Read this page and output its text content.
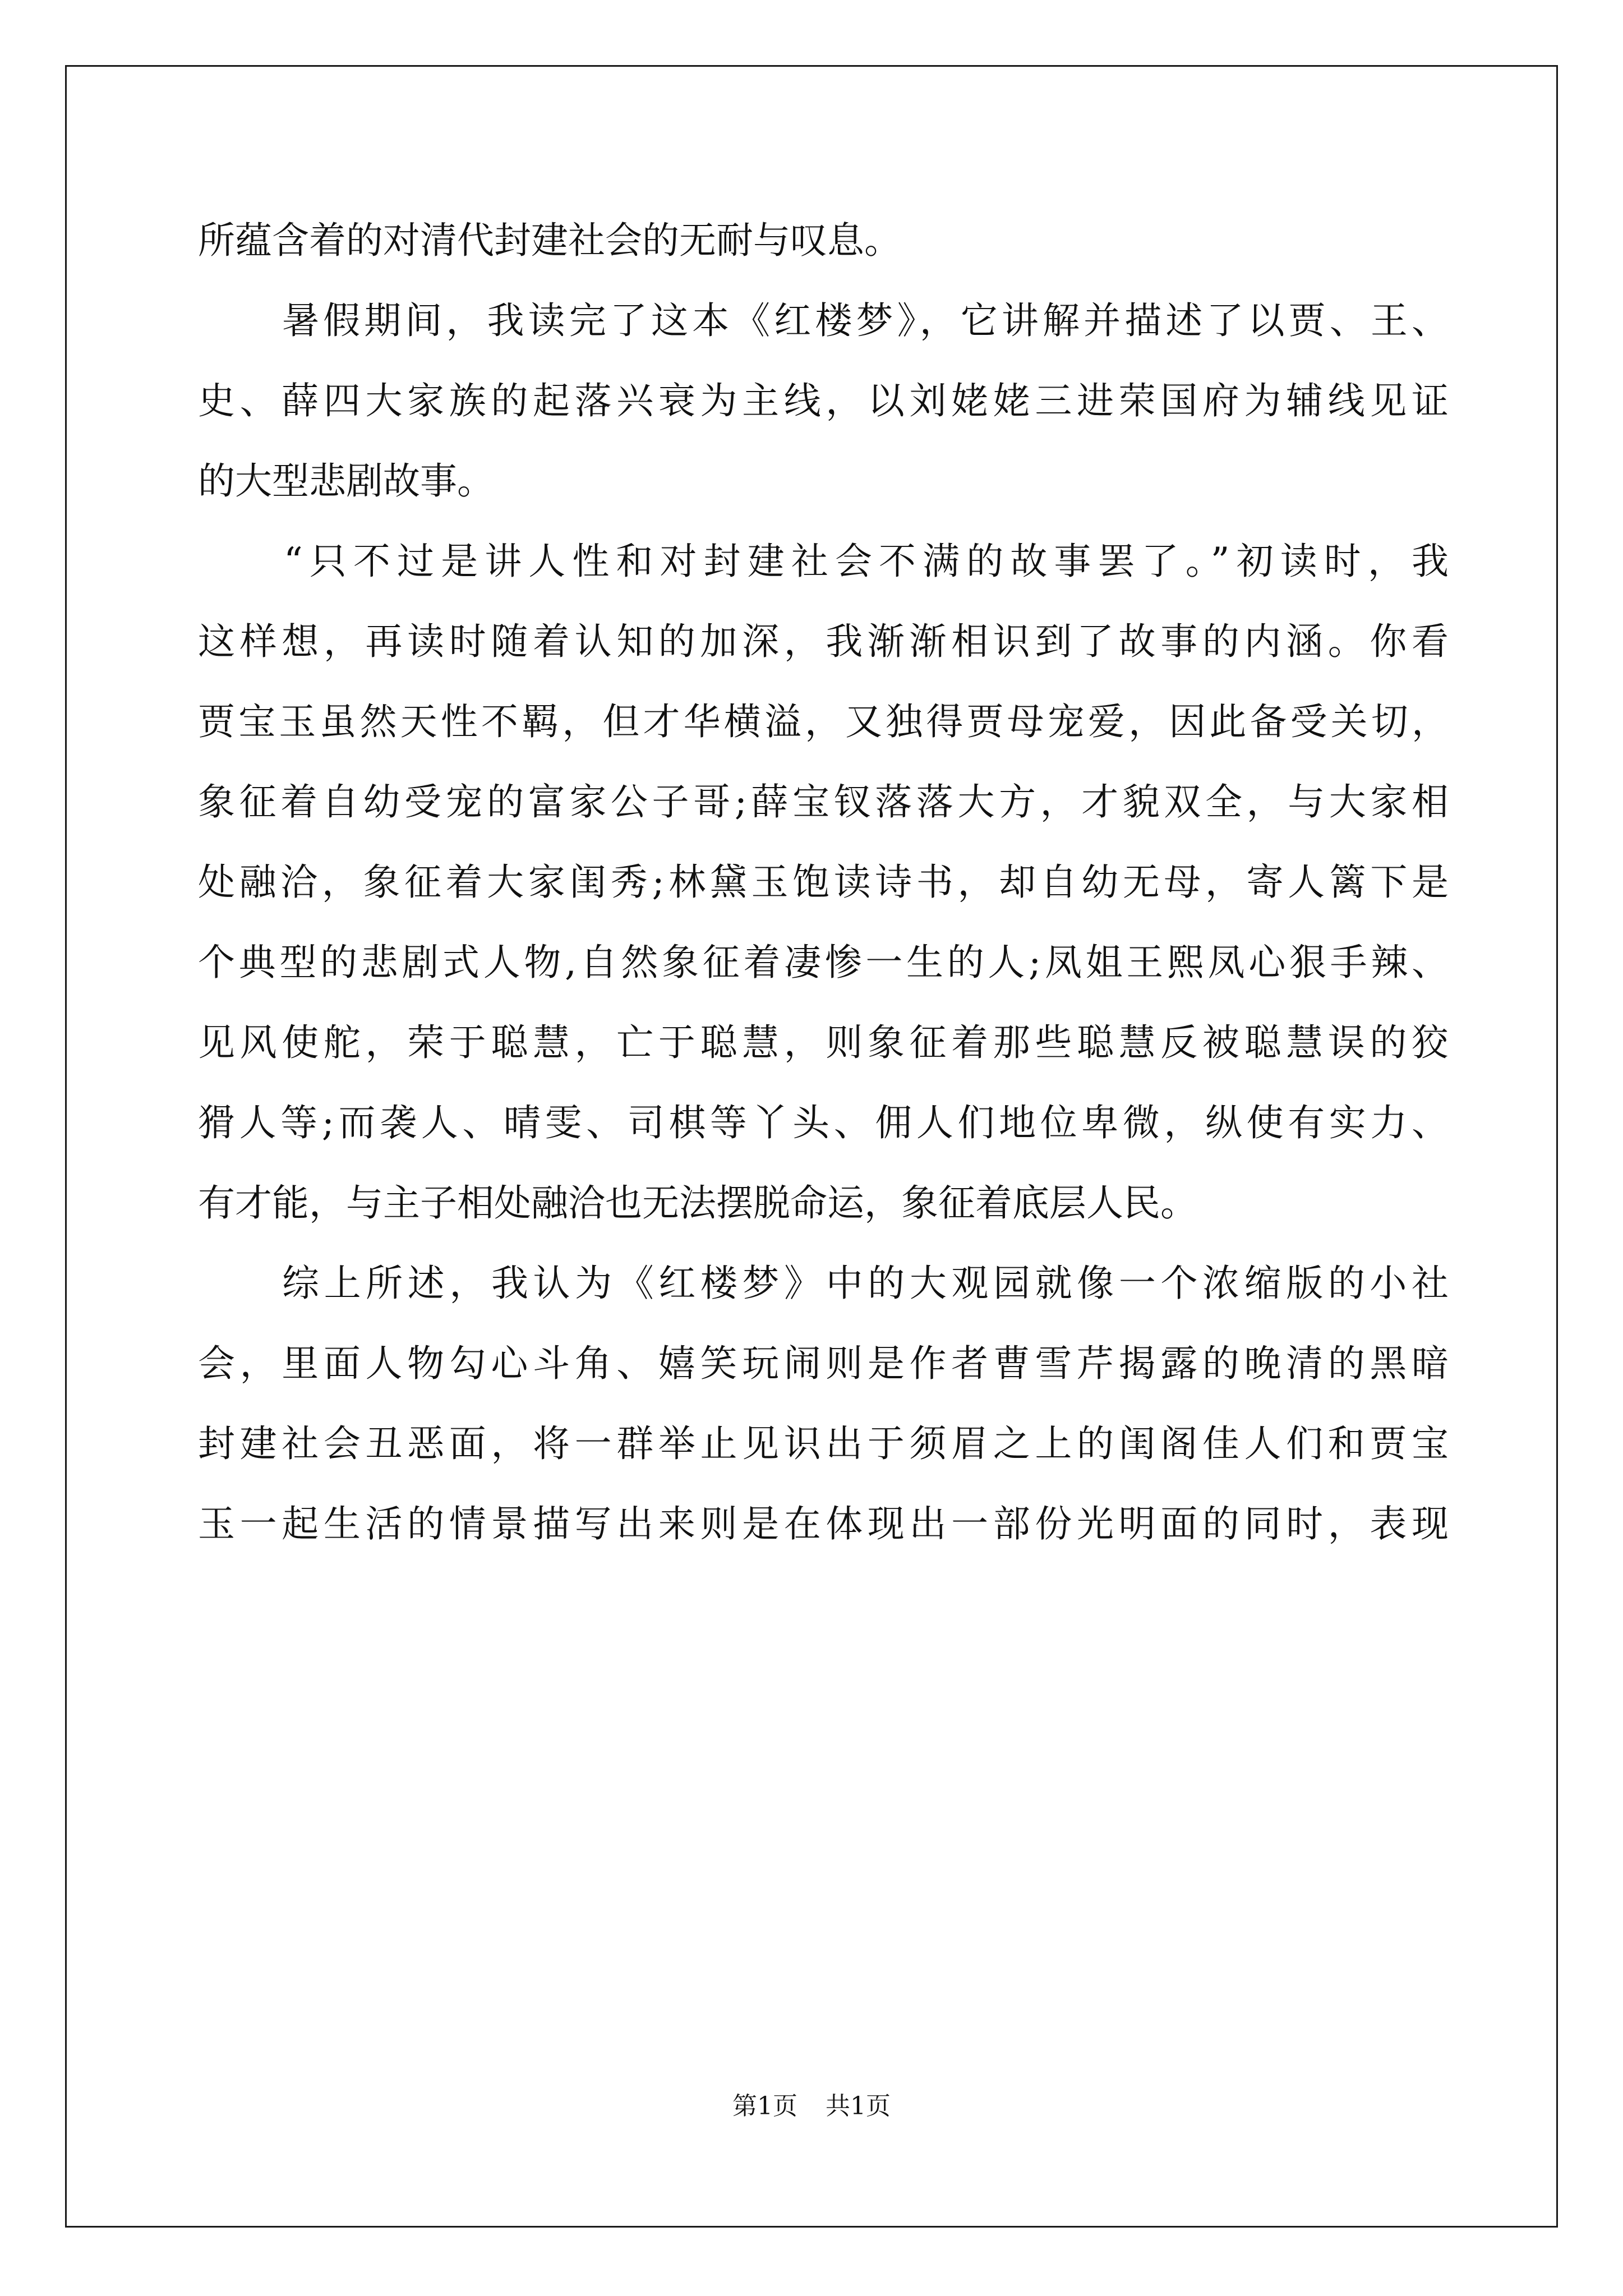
所蕴含着的对清代封建社会的无耐与叹息。
暑假期间，我读完了这本《红楼梦》，它讲解并描述了以贾、王、
史、薛四大家族的起落兴衰为主线，以刘姥姥三进荣国府为辅线见证
的大型悲剧故事。
“只不过是讲人性和对封建社会不满的故事罢了。”初读时，我
这样想，再读时随着认知的加深，我渐渐相识到了故事的内涵。你看
贾宝玉虽然天性不羁，但才华横溢，又独得贾母宠爱，因此备受关切，
象征着自幼受宠的富家公子哥;薛宝钗落落大方，才貌双全，与大家相
处融洽，象征着大家闺秀;林黛玉饱读诗书，却自幼无母，寄人篱下是
个典型的悲剧式人物,自然象征着凄惨一生的人;凤姐王熙凤心狠手辣、
见风使舵，荣于聪慧，亡于聪慧，则象征着那些聪慧反被聪慧误的狡
猾人等;而袭人、晴雯、司棋等丫头、佣人们地位卑微，纵使有实力、
有才能，与主子相处融洽也无法摆脱命运，象征着底层人民。
综上所述，我认为《红楼梦》中的大观园就像一个浓缩版的小社
会，里面人物勾心斗角、嬉笑玩闹则是作者曹雪芹揭露的晚清的黑暗
封建社会丑恶面，将一群举止见识出于须眉之上的闺阁佳人们和贾宝
玉一起生活的情景描写出来则是在体现出一部份光明面的同时，表现
第1页 共1页
